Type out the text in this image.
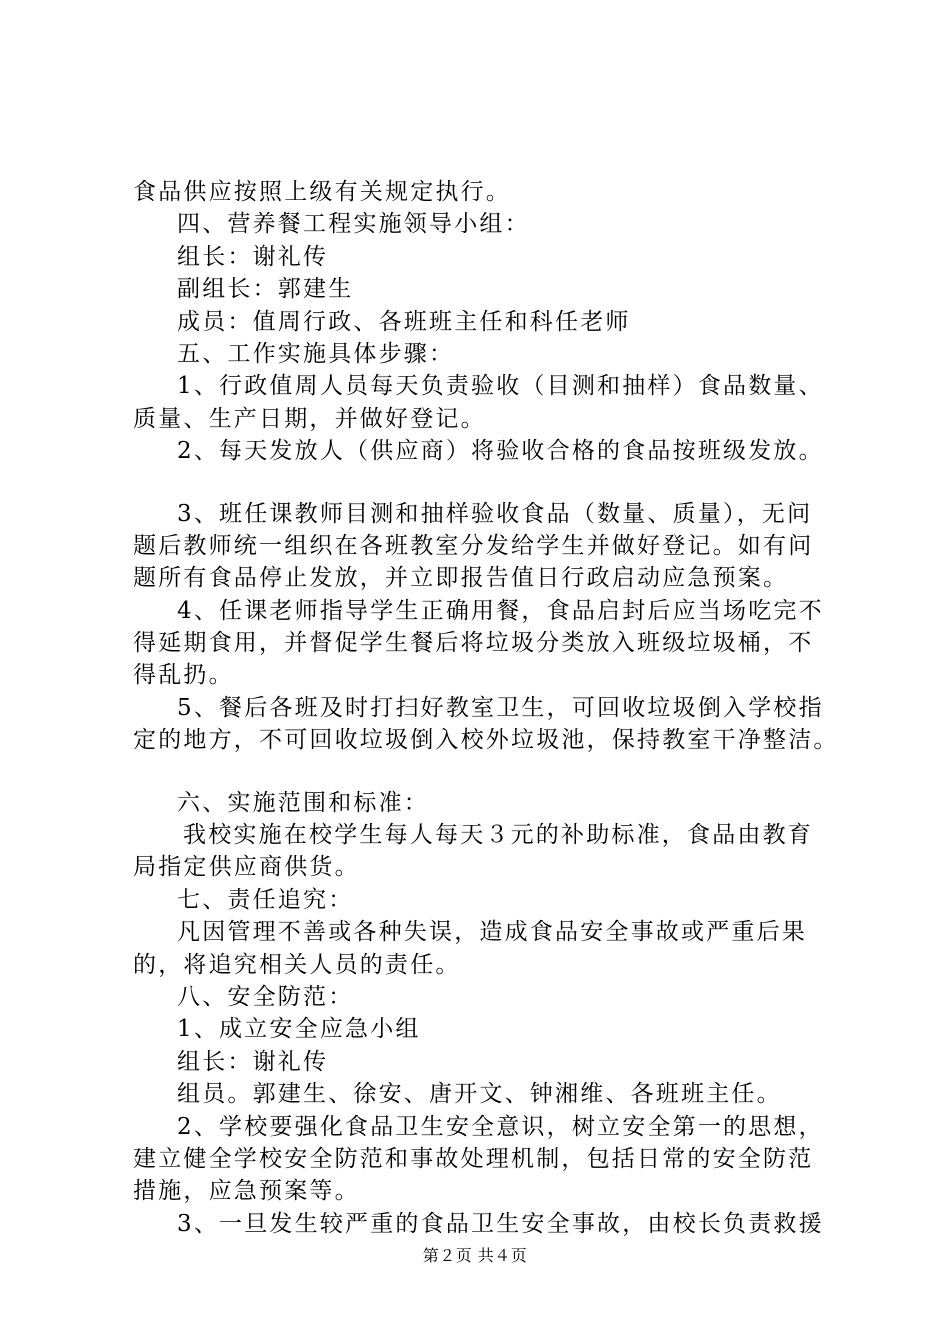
食品供应按照上级有关规定执行。
四、营养餐工程实施领导小组：
组长：谢礼传
副组长：郭建生
成员：值周行政、各班班主任和科任老师
五、工作实施具体步骤：
1、行政值周人员每天负责验收（目测和抽样）食品数量、
质量、生产日期，并做好登记。
2、每天发放人（供应商）将验收合格的食品按班级发放。
3、班任课教师目测和抽样验收食品（数量、质量），无问
题后教师统一组织在各班教室分发给学生并做好登记。如有问
题所有食品停止发放，并立即报告值日行政启动应急预案。
4、任课老师指导学生正确用餐，食品启封后应当场吃完不
得延期食用，并督促学生餐后将垃圾分类放入班级垃圾桶，不
得乱扔。
5、餐后各班及时打扫好教室卫生，可回收垃圾倒入学校指
定的地方，不可回收垃圾倒入校外垃圾池，保持教室干净整洁。
六、实施范围和标准：
我校实施在校学生每人每天３元的补助标准，食品由教育
局指定供应商供货。
七、责任追究：
凡因管理不善或各种失误，造成食品安全事故或严重后果
的，将追究相关人员的责任。
八、安全防范：
1、成立安全应急小组
组长：谢礼传
组员。郭建生、徐安、唐开文、钟湘维、各班班主任。
2、学校要强化食品卫生安全意识，树立安全第一的思想，
建立健全学校安全防范和事故处理机制，包括日常的安全防范
措施，应急预案等。
3、一旦发生较严重的食品卫生安全事故，由校长负责救援
第２页 共４页
